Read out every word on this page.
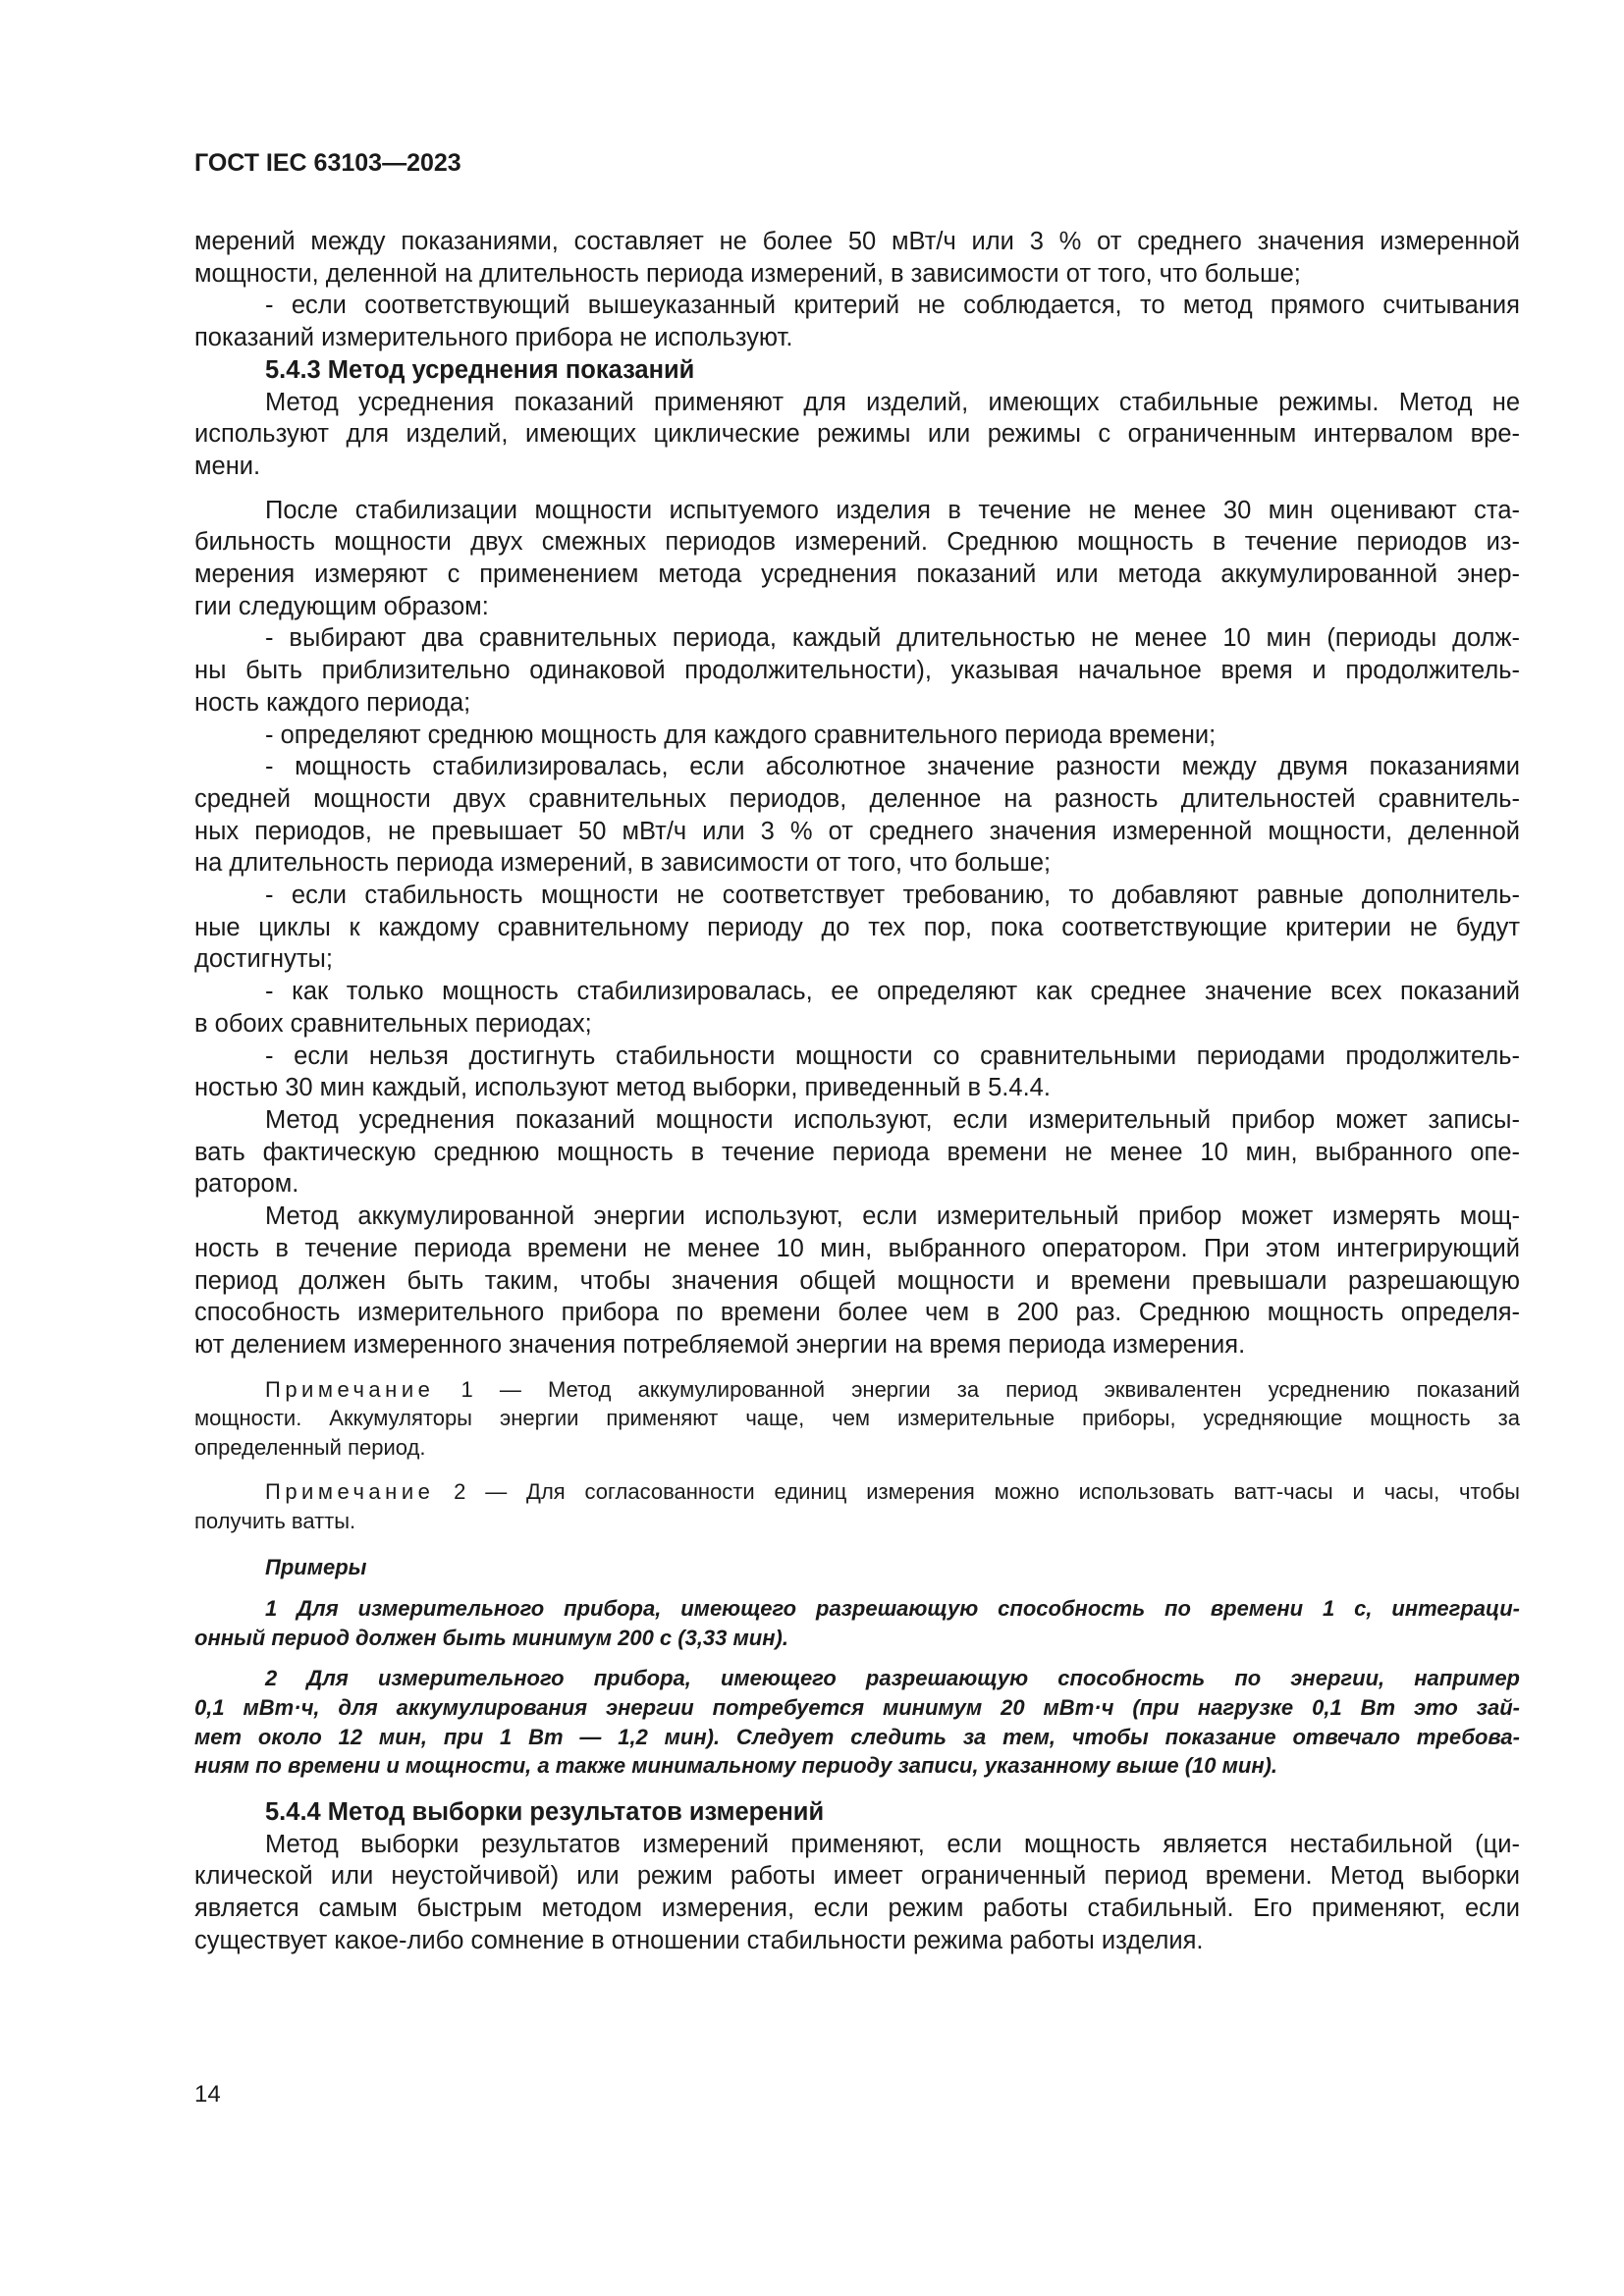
ГОСТ IEC 63103—2023
мерений между показаниями, составляет не более 50 мВт/ч или 3 % от среднего значения измеренной
мощности, деленной на длительность периода измерений, в зависимости от того, что больше;
- если соответствующий вышеуказанный критерий не соблюдается, то метод прямого считывания
показаний измерительного прибора не используют.
5.4.3 Метод усреднения показаний
Метод усреднения показаний применяют для изделий, имеющих стабильные режимы. Метод не
используют для изделий, имеющих циклические режимы или режимы с ограниченным интервалом вре-
мени.
После стабилизации мощности испытуемого изделия в течение не менее 30 мин оценивают ста-
бильность мощности двух смежных периодов измерений. Среднюю мощность в течение периодов из-
мерения измеряют с применением метода усреднения показаний или метода аккумулированной энер-
гии следующим образом:
- выбирают два сравнительных периода, каждый длительностью не менее 10 мин (периоды долж-
ны быть приблизительно одинаковой продолжительности), указывая начальное время и продолжитель-
ность каждого периода;
- определяют среднюю мощность для каждого сравнительного периода времени;
- мощность стабилизировалась, если абсолютное значение разности между двумя показаниями
средней мощности двух сравнительных периодов, деленное на разность длительностей сравнитель-
ных периодов, не превышает 50 мВт/ч или 3 % от среднего значения измеренной мощности, деленной
на длительность периода измерений, в зависимости от того, что больше;
- если стабильность мощности не соответствует требованию, то добавляют равные дополнитель-
ные циклы к каждому сравнительному периоду до тех пор, пока соответствующие критерии не будут
достигнуты;
- как только мощность стабилизировалась, ее определяют как среднее значение всех показаний
в обоих сравнительных периодах;
- если нельзя достигнуть стабильности мощности со сравнительными периодами продолжитель-
ностью 30 мин каждый, используют метод выборки, приведенный в 5.4.4.
Метод усреднения показаний мощности используют, если измерительный прибор может записы-
вать фактическую среднюю мощность в течение периода времени не менее 10 мин, выбранного опе-
ратором.
Метод аккумулированной энергии используют, если измерительный прибор может измерять мощ-
ность в течение периода времени не менее 10 мин, выбранного оператором. При этом интегрирующий
период должен быть таким, чтобы значения общей мощности и времени превышали разрешающую
способность измерительного прибора по времени более чем в 200 раз. Среднюю мощность определя-
ют делением измеренного значения потребляемой энергии на время периода измерения.
Примечание 1 — Метод аккумулированной энергии за период эквивалентен усреднению показаний
мощности. Аккумуляторы энергии применяют чаще, чем измерительные приборы, усредняющие мощность за
определенный период.
Примечание 2 — Для согласованности единиц измерения можно использовать ватт-часы и часы, чтобы
получить ватты.
Примеры
1 Для измерительного прибора, имеющего разрешающую способность по времени 1 с, интеграци-
онный период должен быть минимум 200 с (3,33 мин).
2 Для измерительного прибора, имеющего разрешающую способность по энергии, например
0,1 мВт·ч, для аккумулирования энергии потребуется минимум 20 мВт·ч (при нагрузке 0,1 Вт это зай-
мет около 12 мин, при 1 Вт — 1,2 мин). Следует следить за тем, чтобы показание отвечало требова-
ниям по времени и мощности, а также минимальному периоду записи, указанному выше (10 мин).
5.4.4 Метод выборки результатов измерений
Метод выборки результатов измерений применяют, если мощность является нестабильной (ци-
клической или неустойчивой) или режим работы имеет ограниченный период времени. Метод выборки
является самым быстрым методом измерения, если режим работы стабильный. Его применяют, если
существует какое-либо сомнение в отношении стабильности режима работы изделия.
14
